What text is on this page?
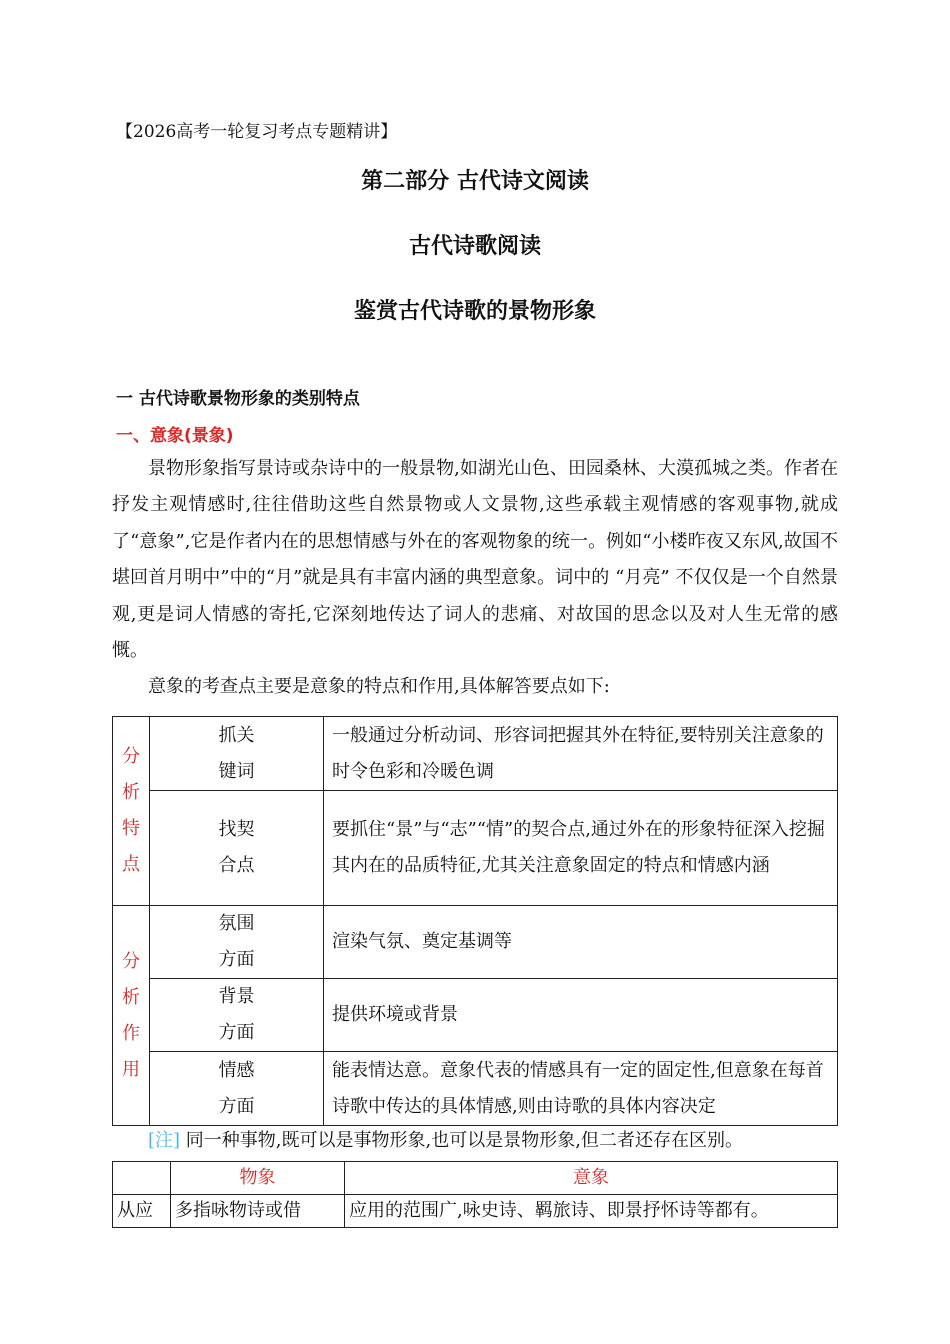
【2026高考一轮复习考点专题精讲】
第二部分 古代诗文阅读
古代诗歌阅读
鉴赏古代诗歌的景物形象
一 古代诗歌景物形象的类别特点
一、意象(景象)

景物形象指写景诗或杂诗中的一般景物,如湖光山色、田园桑林、大漠孤城之类。作者在抒发主观情感时,往往借助这些自然景物或人文景物,这些承载主观情感的客观事物,就成了“意象”,它是作者内在的思想情感与外在的客观物象的统一。例如“小楼昨夜又东风,故国不堪回首月明中”中的“月”就是具有丰富内涵的典型意象。词中的 “月亮” 不仅仅是一个自然景观,更是词人情感的寄托,它深刻地传达了词人的悲痛、对故国的思念以及对人生无常的感慨。

意象的考查点主要是意象的特点和作用,具体解答要点如下:

分析特点	抓关键词	一般通过分析动词、形容词把握其外在特征,要特别关注意象的时令色彩和冷暖色调

	找契合点	要抓住“景”与“志”“情”的契合点,通过外在的形象特征深入挖掘其内在的品质特征,尤其关注意象固定的特点和情感内涵

分析作用	氛围方面	渲染气氛、奠定基调等

	背景方面	提供环境或背景

	情感方面	能表情达意。意象代表的情感具有一定的固定性,但意象在每首诗歌中传达的具体情感,则由诗歌的具体内容决定
[注] 同一种事物,既可以是事物形象,也可以是景物形象,但二者还存在区别。
	物象	意象
从应	多指咏物诗或借	应用的范围广,咏史诗、羁旅诗、即景抒怀诗等都有。
